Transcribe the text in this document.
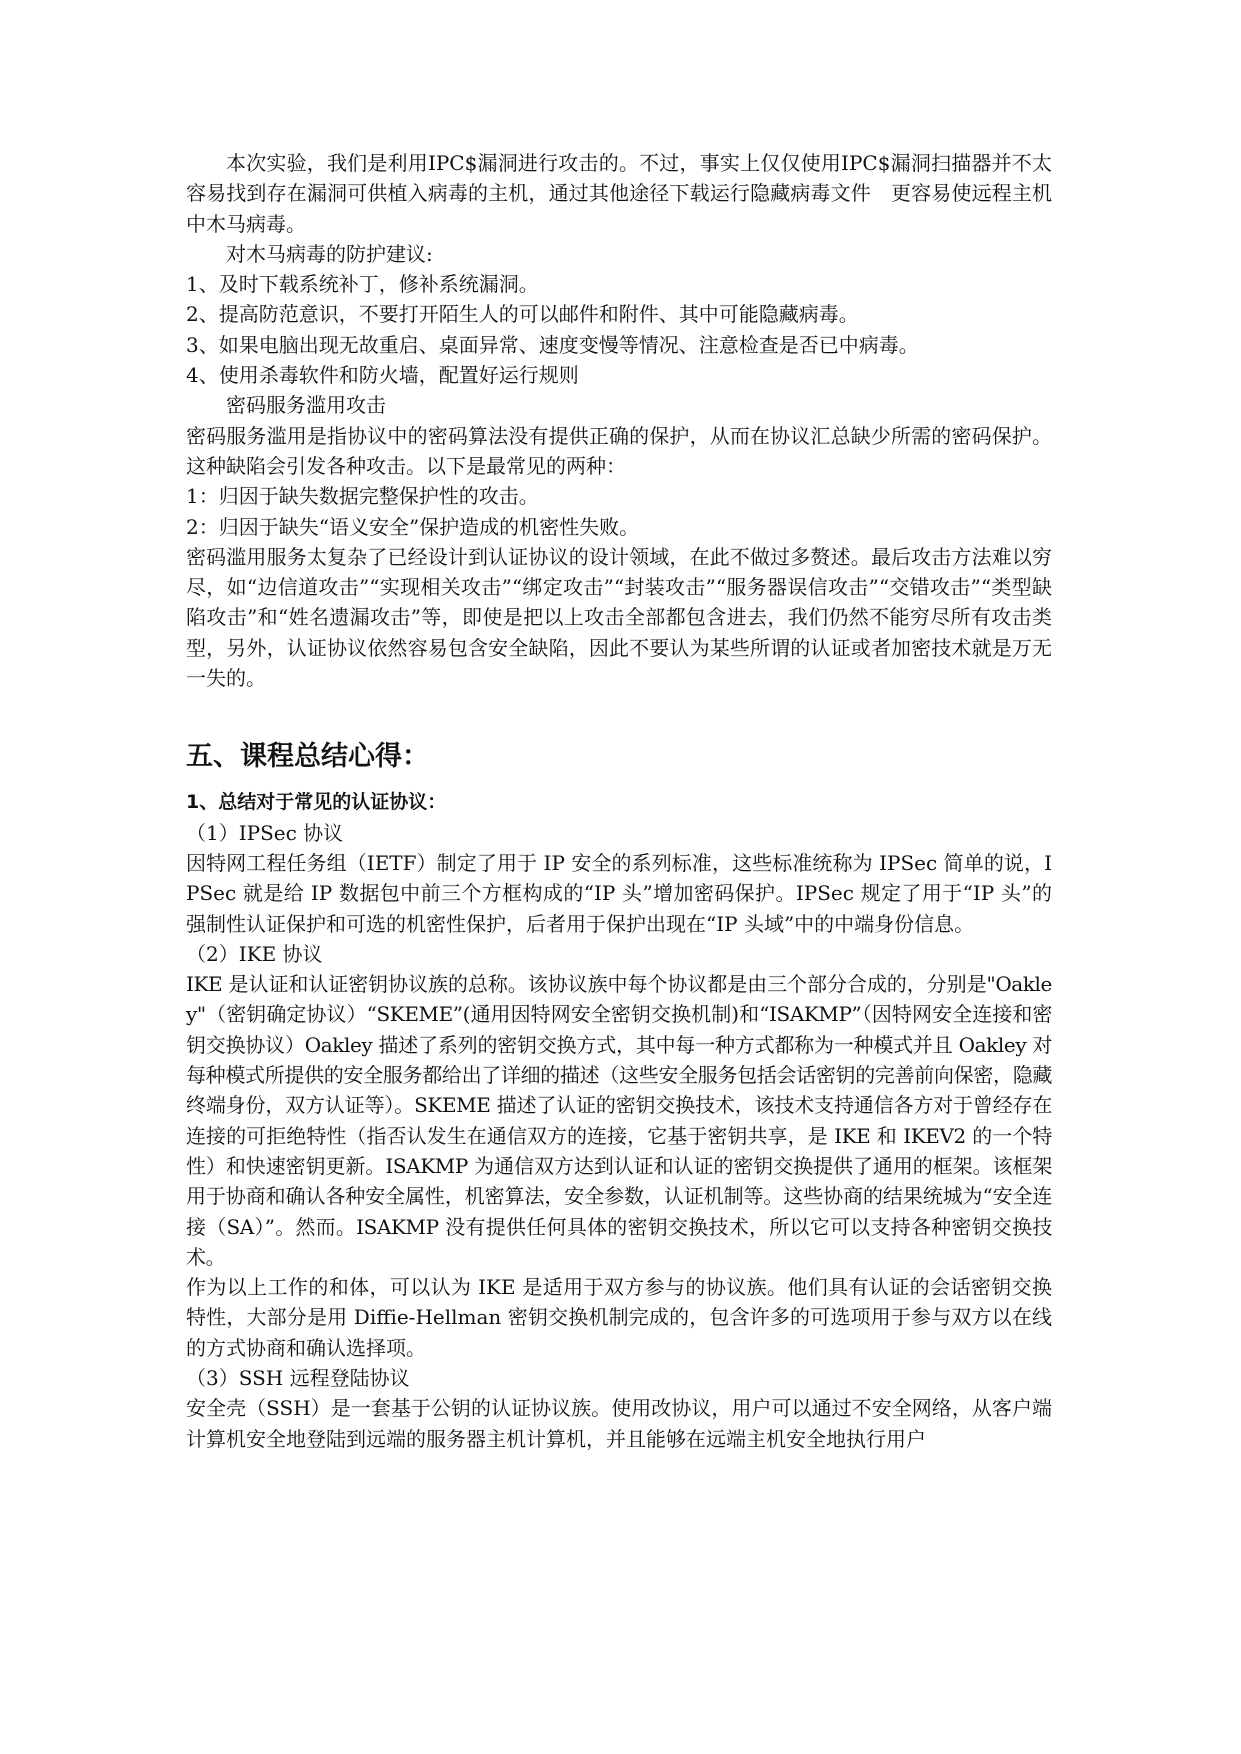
本次实验，我们是利用IPC$漏洞进行攻击的。不过，事实上仅仅使用IPC$漏洞扫描器并不太容易找到存在漏洞可供植入病毒的主机，通过其他途径下载运行隐藏病毒文件　更容易使远程主机中木马病毒。

对木马病毒的防护建议:

1、及时下载系统补丁，修补系统漏洞。

2、提高防范意识，不要打开陌生人的可以邮件和附件、其中可能隐藏病毒。

3、如果电脑出现无故重启、桌面异常、速度变慢等情况、注意检查是否已中病毒。

4、使用杀毒软件和防火墙，配置好运行规则

密码服务滥用攻击

密码服务滥用是指协议中的密码算法没有提供正确的保护，从而在协议汇总缺少所需的密码保护。这种缺陷会引发各种攻击。以下是最常见的两种：

1：归因于缺失数据完整保护性的攻击。

2：归因于缺失“语义安全”保护造成的机密性失败。

密码滥用服务太复杂了已经设计到认证协议的设计领域，在此不做过多赘述。最后攻击方法难以穷尽，如“边信道攻击”“实现相关攻击”“绑定攻击”“封装攻击”“服务器误信攻击”“交错攻击”“类型缺陷攻击”和“姓名遗漏攻击”等，即使是把以上攻击全部都包含进去，我们仍然不能穷尽所有攻击类型，另外，认证协议依然容易包含安全缺陷，因此不要认为某些所谓的认证或者加密技术就是万无一失的。

五、课程总结心得：

1、总结对于常见的认证协议：

（1）IPSec 协议

因特网工程任务组（IETF）制定了用于 IP 安全的系列标准，这些标准统称为 IPSec 简单的说，IPSec 就是给 IP 数据包中前三个方框构成的“IP 头”增加密码保护。IPSec 规定了用于“IP 头”的强制性认证保护和可选的机密性保护，后者用于保护出现在“IP 头域”中的中端身份信息。

（2）IKE 协议

IKE 是认证和认证密钥协议族的总称。该协议族中每个协议都是由三个部分合成的，分别是"Oakley"（密钥确定协议）“SKEME”(通用因特网安全密钥交换机制)和“ISAKMP”（因特网安全连接和密钥交换协议）Oakley 描述了系列的密钥交换方式，其中每一种方式都称为一种模式并且 Oakley 对每种模式所提供的安全服务都给出了详细的描述（这些安全服务包括会话密钥的完善前向保密，隐藏终端身份，双方认证等）。SKEME 描述了认证的密钥交换技术，该技术支持通信各方对于曾经存在连接的可拒绝特性（指否认发生在通信双方的连接，它基于密钥共享，是 IKE 和 IKEV2 的一个特性）和快速密钥更新。ISAKMP 为通信双方达到认证和认证的密钥交换提供了通用的框架。该框架用于协商和确认各种安全属性，机密算法，安全参数，认证机制等。这些协商的结果统城为“安全连接（SA）”。然而。ISAKMP 没有提供任何具体的密钥交换技术，所以它可以支持各种密钥交换技术。

作为以上工作的和体，可以认为 IKE 是适用于双方参与的协议族。他们具有认证的会话密钥交换特性，大部分是用 Diffie-Hellman 密钥交换机制完成的，包含许多的可选项用于参与双方以在线的方式协商和确认选择项。

（3）SSH 远程登陆协议

安全壳（SSH）是一套基于公钥的认证协议族。使用改协议，用户可以通过不安全网络，从客户端计算机安全地登陆到远端的服务器主机计算机，并且能够在远端主机安全地执行用户
